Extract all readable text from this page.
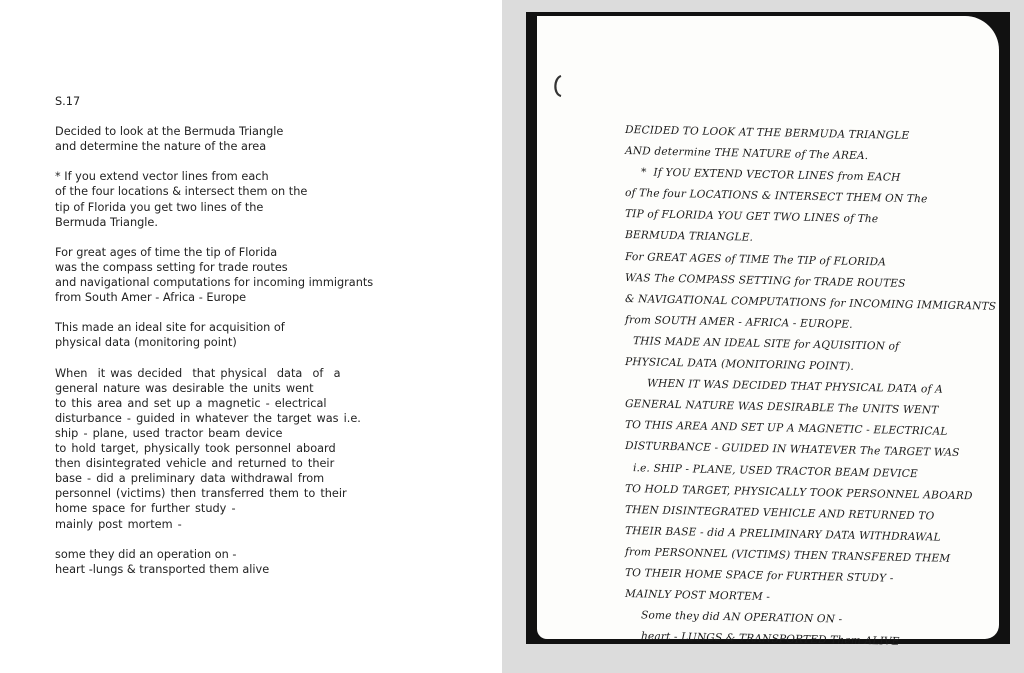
S.17
Decided to look at the Bermuda Triangle
and determine the nature of the area
* If you extend vector lines from each
of the four locations & intersect them on the
tip of Florida you get two lines of the
Bermuda Triangle.
For great ages of time the tip of Florida
was the compass setting for trade routes
and navigational computations for incoming immigrants
from South Amer - Africa - Europe
This made an ideal site for acquisition of
physical data (monitoring point)
When  it was decided  that physical  data  of  a
general nature was desirable the units went
to this area and set up a magnetic - electrical
disturbance - guided in whatever the target was i.e.
ship - plane, used tractor beam device
to hold target, physically took personnel aboard
then disintegrated vehicle and returned to their
base - did a preliminary data withdrawal from
personnel (victims) then transferred them to their
home space for further study -
mainly post mortem -
some they did an operation on -
heart -lungs & transported them alive
DECIDED TO LOOK AT THE BERMUDA TRIANGLE
AND determine THE NATURE of The AREA.
*  If YOU EXTEND VECTOR LINES from EACH
of The four LOCATIONS & INTERSECT THEM ON The
TIP of FLORIDA YOU GET TWO LINES of The
BERMUDA TRIANGLE.
For GREAT AGES of TIME The TIP of FLORIDA
WAS The COMPASS SETTING for TRADE ROUTES
& NAVIGATIONAL COMPUTATIONS for INCOMING IMMIGRANTS
from SOUTH AMER - AFRICA - EUROPE.
THIS MADE AN IDEAL SITE for AQUISITION of
PHYSICAL DATA (MONITORING POINT).
WHEN IT WAS DECIDED THAT PHYSICAL DATA of A
GENERAL NATURE WAS DESIRABLE The UNITS WENT
TO THIS AREA AND SET UP A MAGNETIC - ELECTRICAL
DISTURBANCE - GUIDED IN WHATEVER The TARGET WAS
i.e. SHIP - PLANE, USED TRACTOR BEAM DEVICE
TO HOLD TARGET, PHYSICALLY TOOK PERSONNEL ABOARD
THEN DISINTEGRATED VEHICLE AND RETURNED TO
THEIR BASE - did A PRELIMINARY DATA WITHDRAWAL
from PERSONNEL (VICTIMS) THEN TRANSFERED THEM
TO THEIR HOME SPACE for FURTHER STUDY -
MAINLY POST MORTEM -
Some they did AN OPERATION ON -
heart - LUNGS & TRANSPORTED Them ALIVE
